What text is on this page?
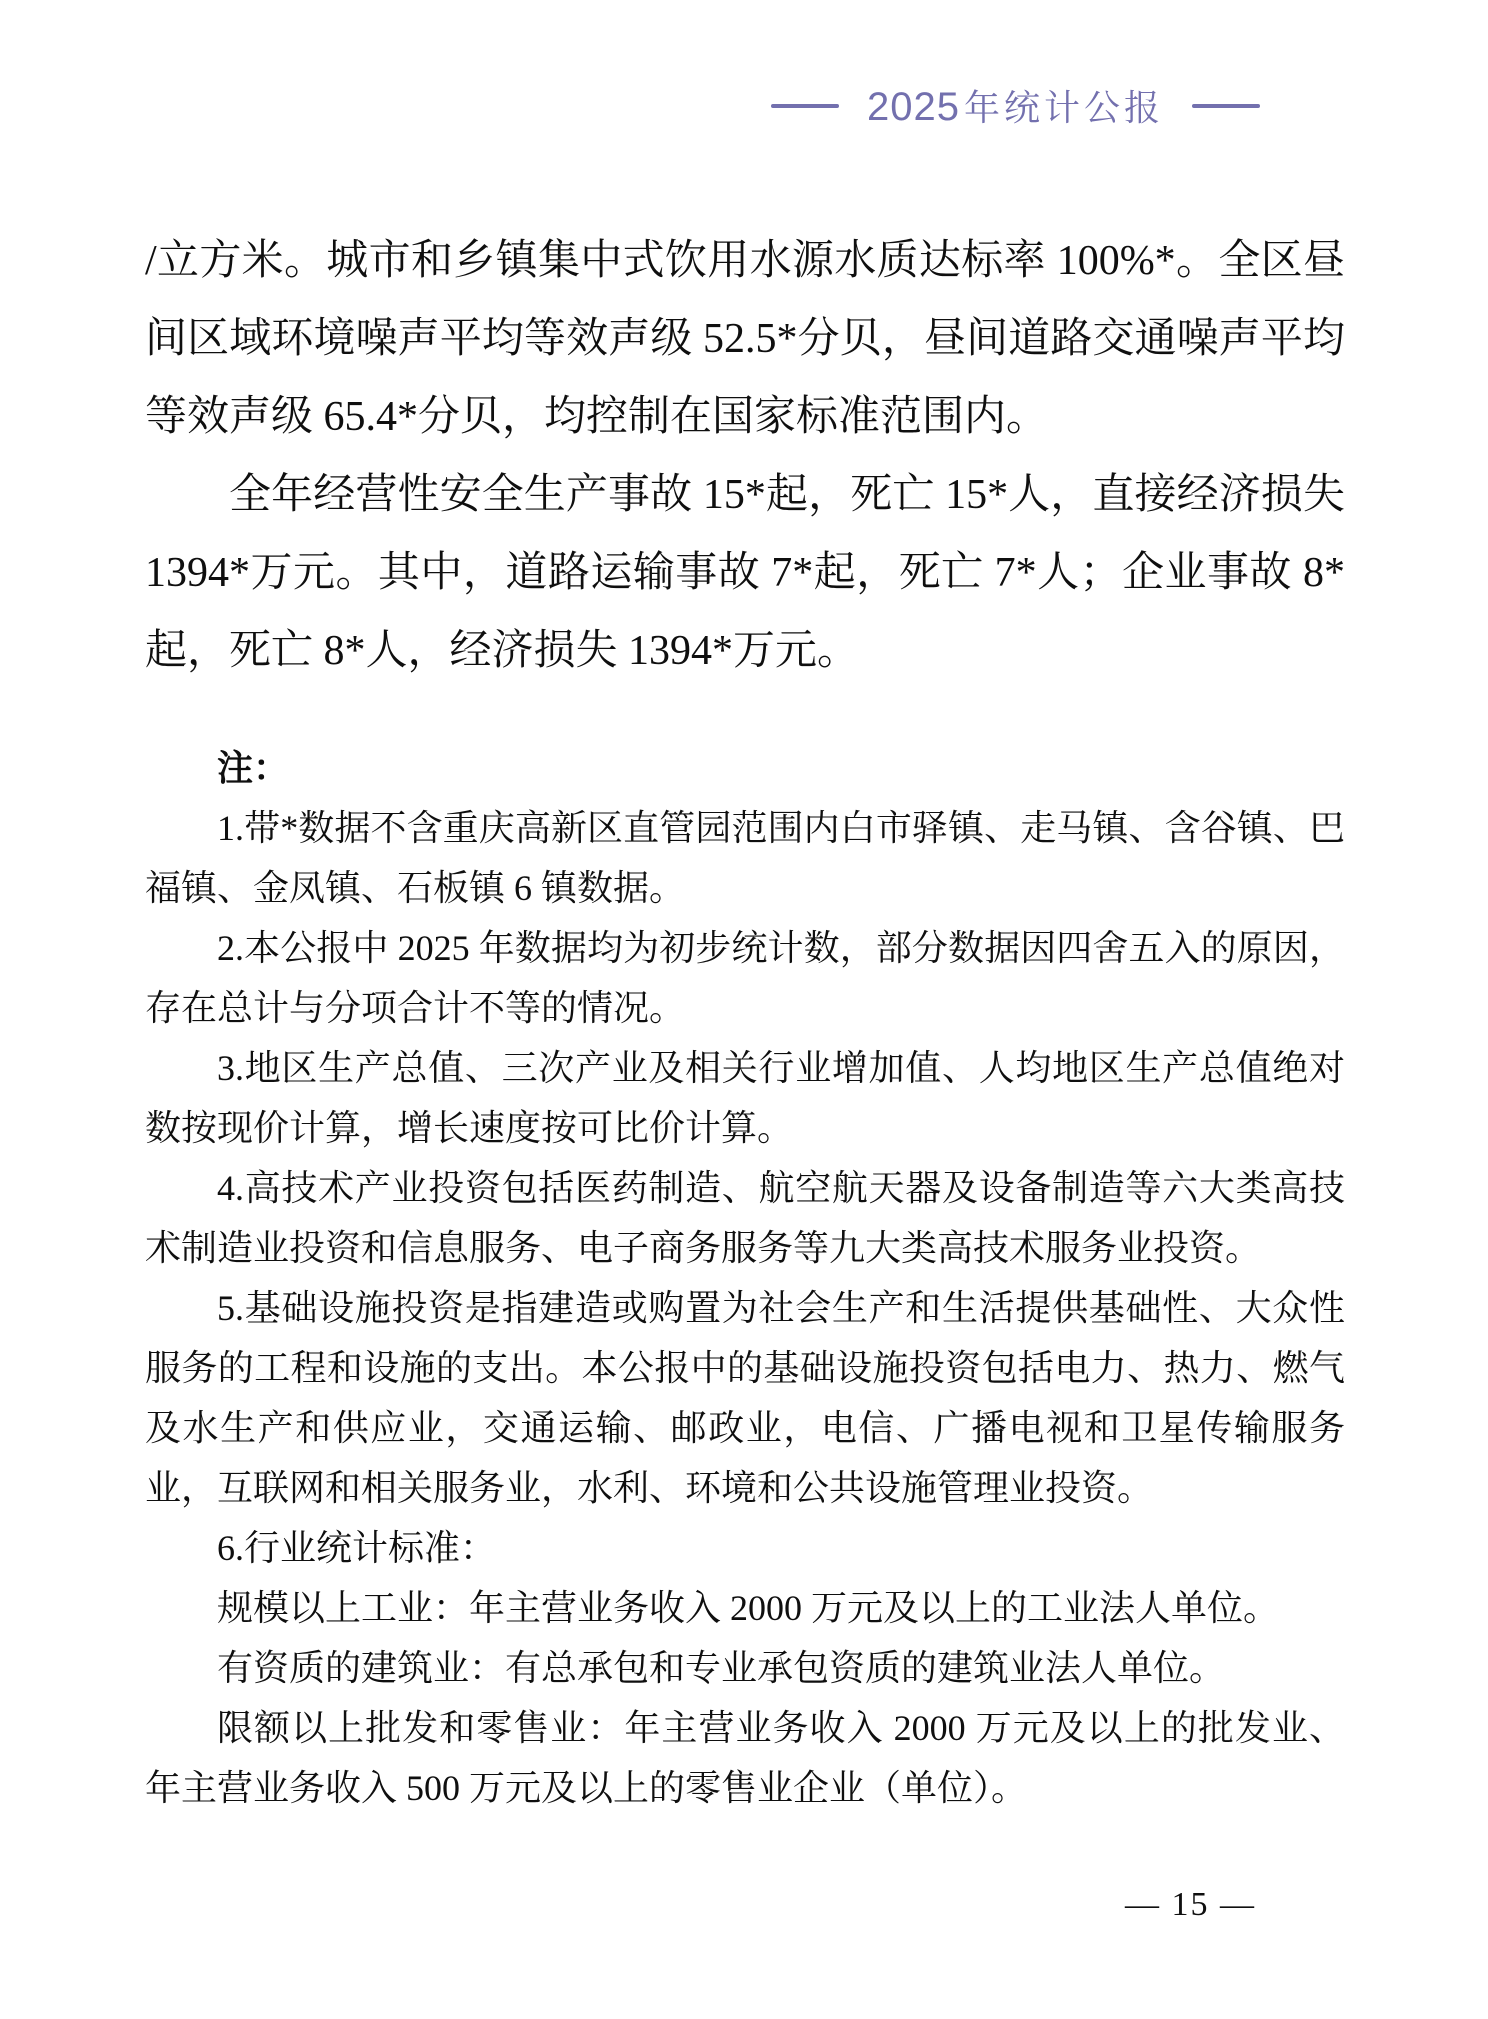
2025 年统计公报

/立方米。城市和乡镇集中式饮用水源水质达标率 100%*。全区昼间区域环境噪声平均等效声级 52.5*分贝，昼间道路交通噪声平均等效声级 65.4*分贝，均控制在国家标准范围内。

全年经营性安全生产事故 15*起，死亡 15*人，直接经济损失 1394*万元。其中，道路运输事故 7*起，死亡 7*人；企业事故 8*起，死亡 8*人，经济损失 1394*万元。

注：

1.带*数据不含重庆高新区直管园范围内白市驿镇、走马镇、含谷镇、巴福镇、金凤镇、石板镇 6 镇数据。

2.本公报中 2025 年数据均为初步统计数，部分数据因四舍五入的原因，存在总计与分项合计不等的情况。

3.地区生产总值、三次产业及相关行业增加值、人均地区生产总值绝对数按现价计算，增长速度按可比价计算。

4.高技术产业投资包括医药制造、航空航天器及设备制造等六大类高技术制造业投资和信息服务、电子商务服务等九大类高技术服务业投资。

5.基础设施投资是指建造或购置为社会生产和生活提供基础性、大众性服务的工程和设施的支出。本公报中的基础设施投资包括电力、热力、燃气及水生产和供应业，交通运输、邮政业，电信、广播电视和卫星传输服务业，互联网和相关服务业，水利、环境和公共设施管理业投资。

6.行业统计标准：

规模以上工业：年主营业务收入 2000 万元及以上的工业法人单位。

有资质的建筑业：有总承包和专业承包资质的建筑业法人单位。

限额以上批发和零售业：年主营业务收入 2000 万元及以上的批发业、年主营业务收入 500 万元及以上的零售业企业（单位）。

— 15 —
